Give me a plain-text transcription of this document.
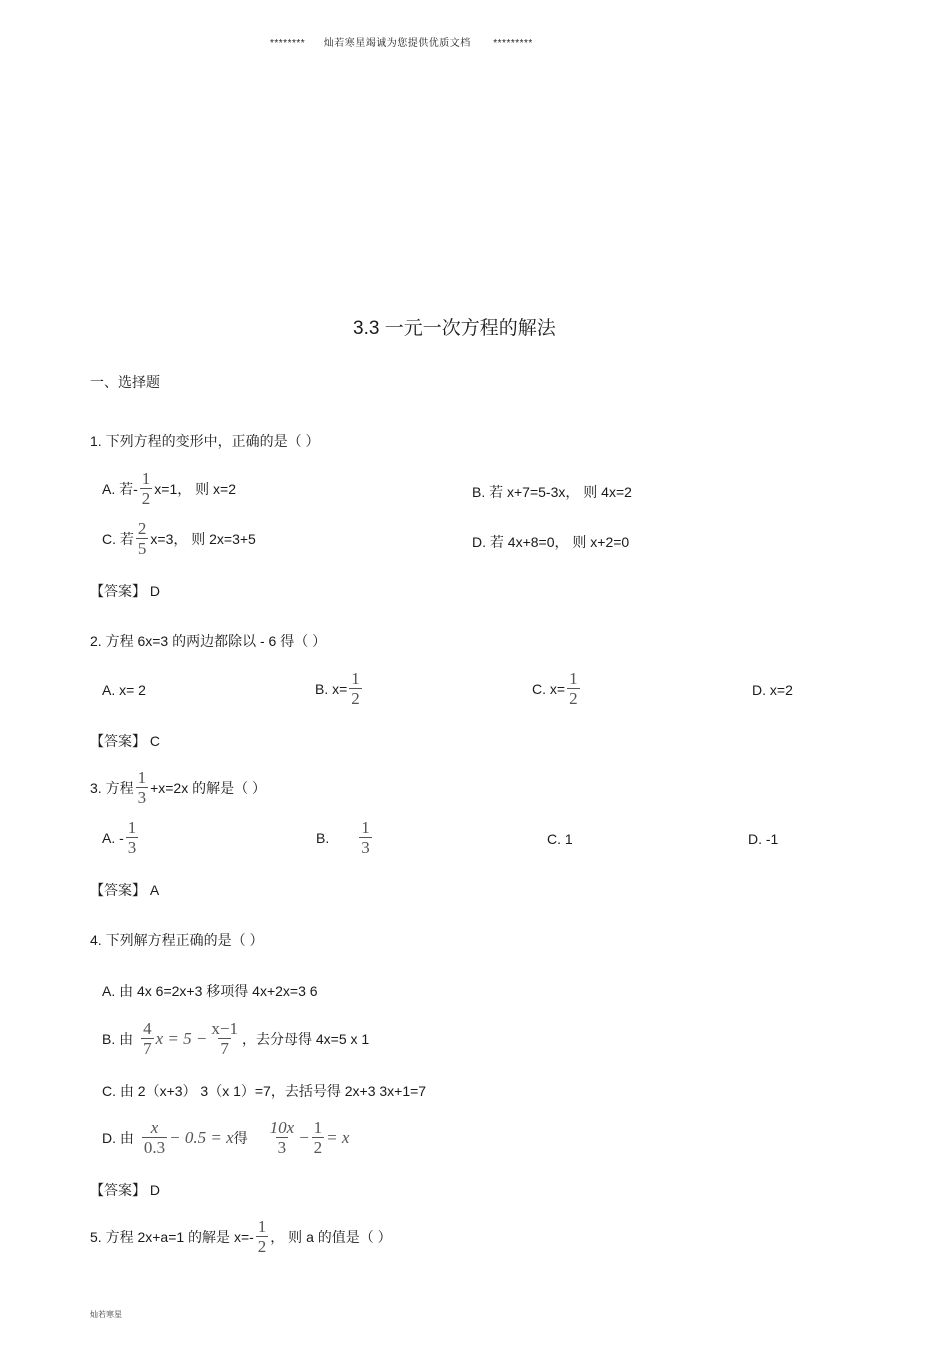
******** 灿若寒星竭诚为您提供优质文档 *********
3.3 一元一次方程的解法
一、选择题
1. 下列方程的变形中，正确的是（ ）
A. 若- $\frac{1}{2} x=1$， 则 x=2	B. 若 x+7=5-3x， 则 4x=2
C. 若 $\frac{2}{5} x=3$， 则 2x=3+5	D. 若 4x+8=0， 则 x+2=0
【答案】 D
2. 方程 6x=3 的两边都除以 - 6 得（ ）
A. x= 2	B. $x= \frac{1}{2}$	C. $x= \frac{1}{2}$	D. x=2
【答案】 C
3. 方程 $\frac{1}{3} +x=2x$ 的解是（ ）
A. - $\frac{1}{3}$	B. $\frac{1}{3}$	C. 1	D. -1
【答案】 A
4. 下列解方程正确的是（ ）
A. 由 4x 6=2x+3 移项得 4x+2x=3 6
B. 由 $\frac{4}{7}$ $x = 5 - \frac{x-1}{7}$ ，去分母得 4x=5 x 1
C. 由 2（x+3） 3（x 1）=7，去括号得 2x+3 3x+1=7
D. 由 $\frac{x}{0.3} - 0.5 = x$ 得 $\frac{10x}{3} - \frac{1}{2} = x$
【答案】 D
5. 方程 2x+a=1 的解是 $x=- \frac{1}{2}$ ， 则 a 的值是（ ）
灿若寒星
